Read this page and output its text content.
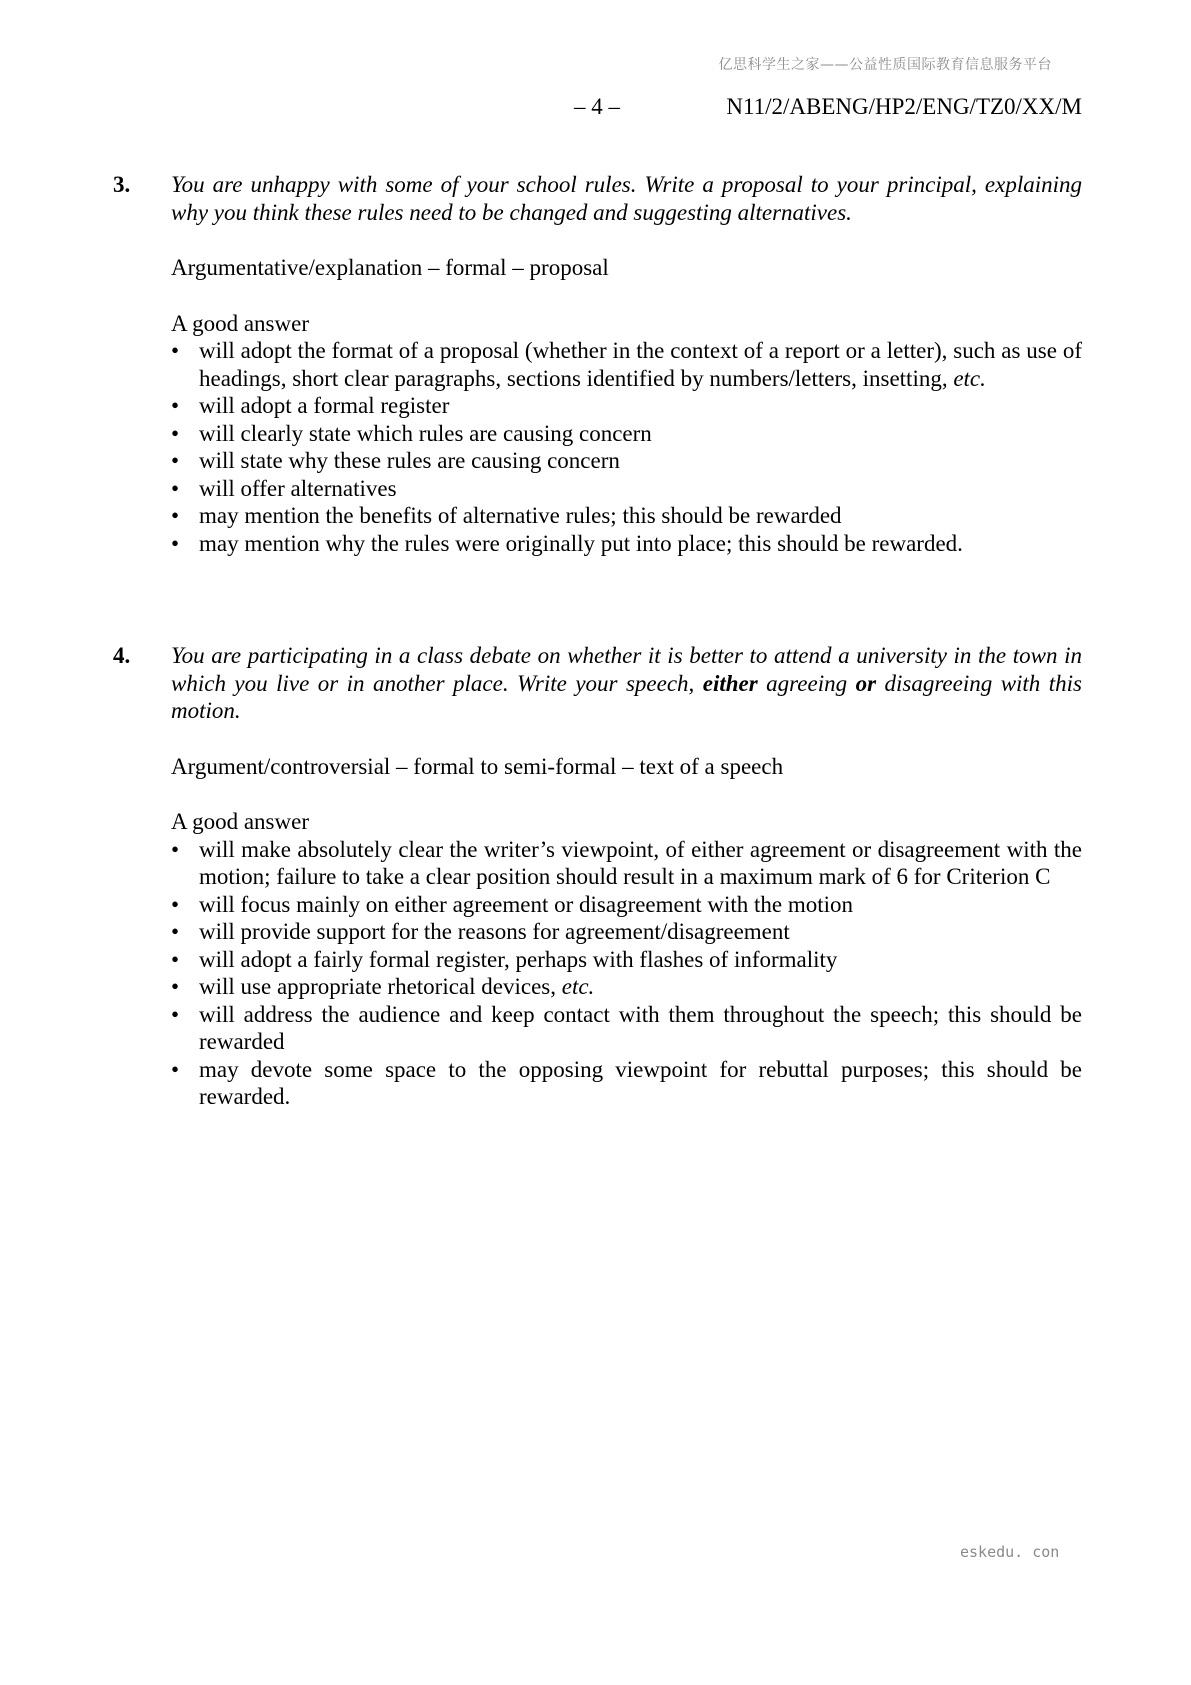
亿思科学生之家——公益性质国际教育信息服务平台
– 4 –	N11/2/ABENG/HP2/ENG/TZ0/XX/M
3. You are unhappy with some of your school rules. Write a proposal to your principal, explaining why you think these rules need to be changed and suggesting alternatives.

Argumentative/explanation – formal – proposal
A good answer
• will adopt the format of a proposal (whether in the context of a report or a letter), such as use of headings, short clear paragraphs, sections identified by numbers/letters, insetting, etc.
• will adopt a formal register
• will clearly state which rules are causing concern
• will state why these rules are causing concern
• will offer alternatives
• may mention the benefits of alternative rules; this should be rewarded
• may mention why the rules were originally put into place; this should be rewarded.
4. You are participating in a class debate on whether it is better to attend a university in the town in which you live or in another place. Write your speech, either agreeing or disagreeing with this motion.

Argument/controversial – formal to semi-formal – text of a speech
A good answer
• will make absolutely clear the writer’s viewpoint, of either agreement or disagreement with the motion; failure to take a clear position should result in a maximum mark of 6 for Criterion C
• will focus mainly on either agreement or disagreement with the motion
• will provide support for the reasons for agreement/disagreement
• will adopt a fairly formal register, perhaps with flashes of informality
• will use appropriate rhetorical devices, etc.
• will address the audience and keep contact with them throughout the speech; this should be rewarded
• may devote some space to the opposing viewpoint for rebuttal purposes; this should be rewarded.
eskedu. con
